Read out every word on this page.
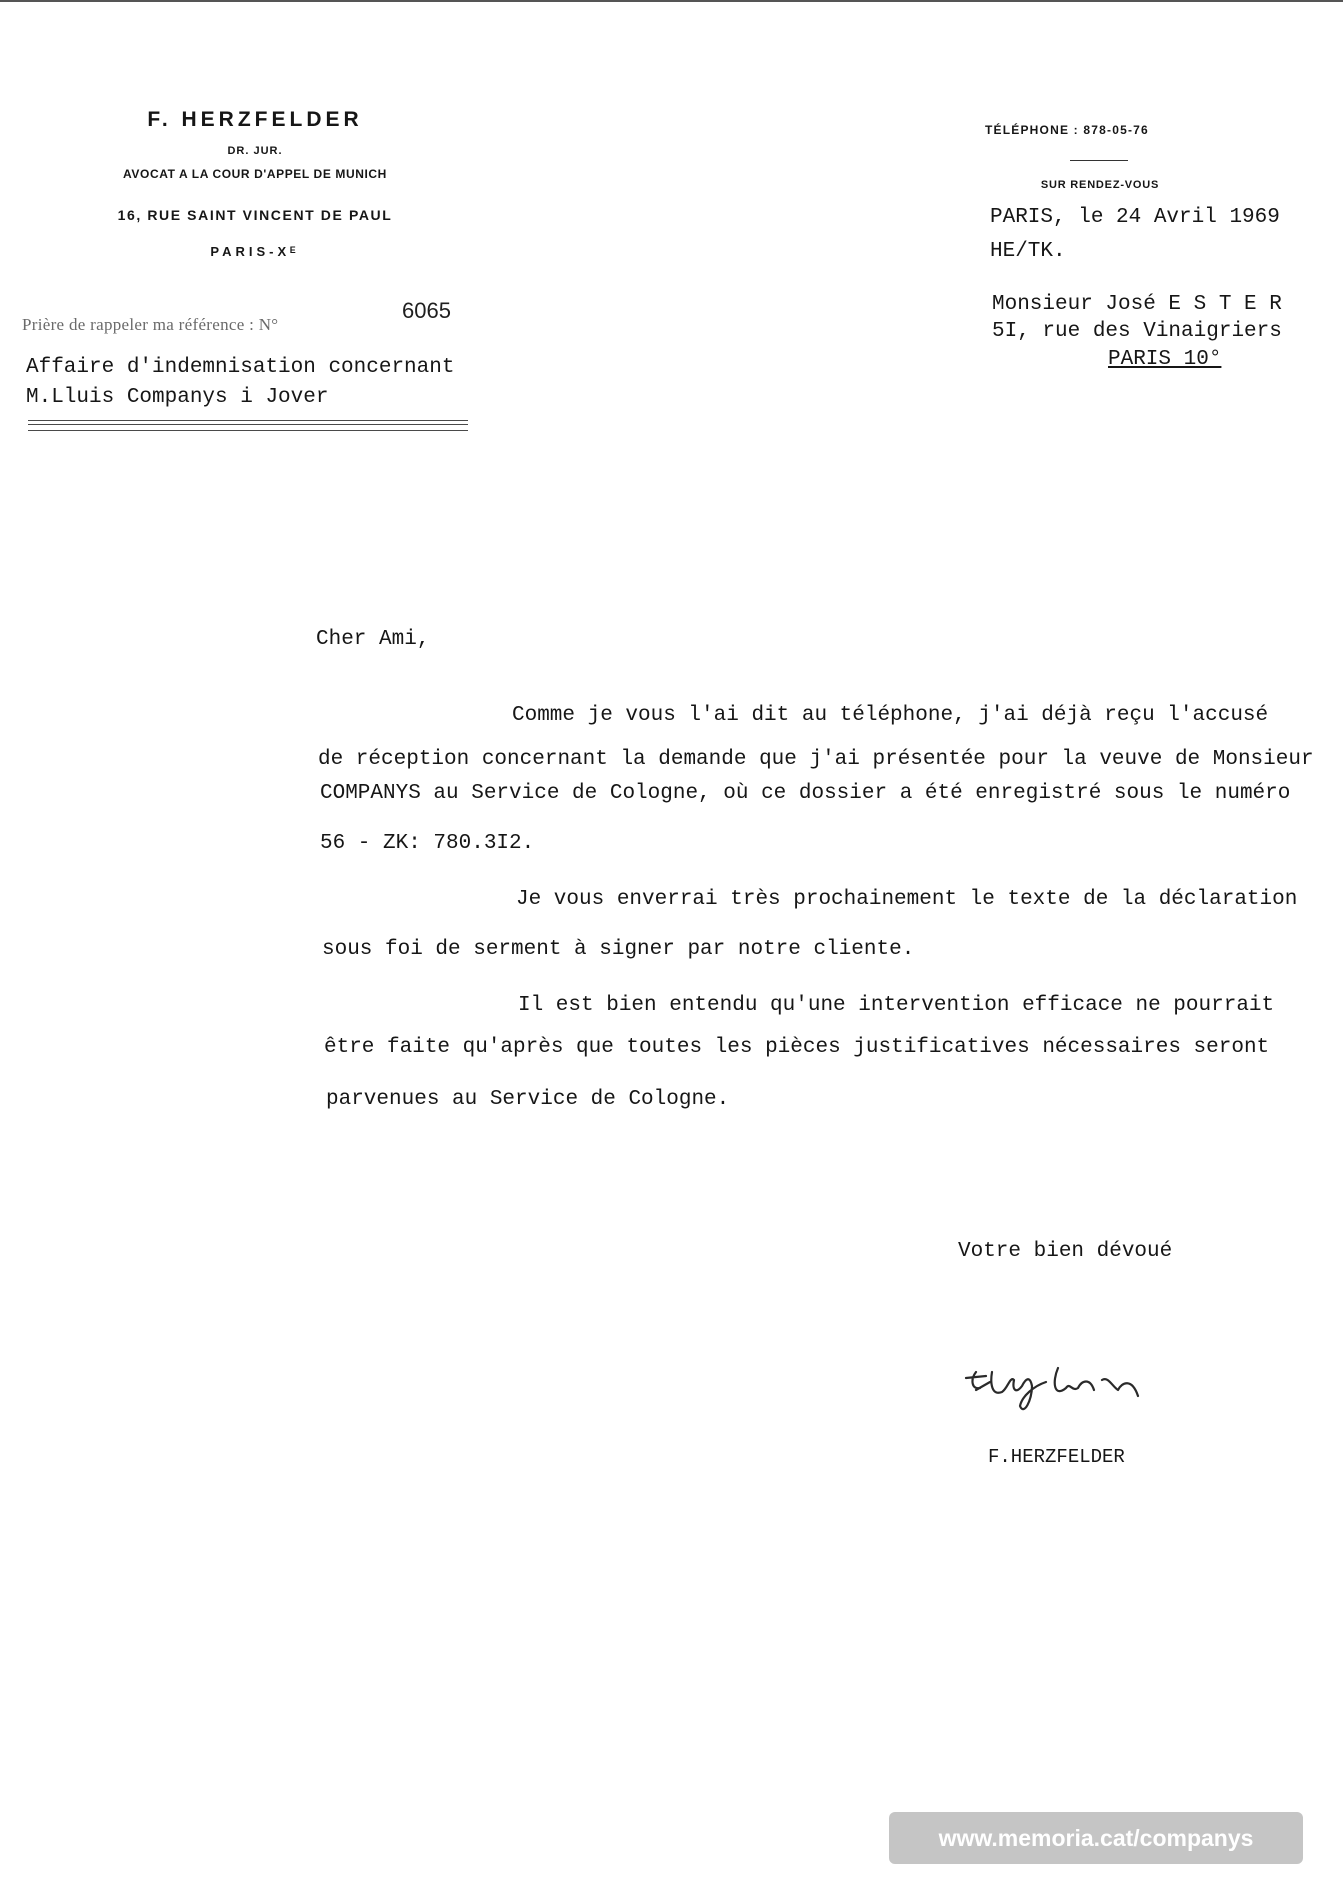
F. HERZFELDER
DR. JUR.
AVOCAT A LA COUR D'APPEL DE MUNICH
16, RUE SAINT VINCENT DE PAUL
PARIS-Xᴱ
TÉLÉPHONE : 878-05-76
SUR RENDEZ-VOUS
Prière de rappeler ma référence : N°
6065
Affaire d'indemnisation concernant
M.Lluis Companys i Jover
PARIS, le 24 Avril 1969
HE/TK.
Monsieur José E S T E R
5I, rue des Vinaigriers
PARIS 10°
Cher Ami,
Comme je vous l'ai dit au téléphone, j'ai déjà reçu l'accusé
de réception concernant la demande que j'ai présentée pour la veuve de Monsieur
COMPANYS au Service de Cologne, où ce dossier a été enregistré sous le numéro
56 - ZK: 780.3I2.
Je vous enverrai très prochainement le texte de la déclaration
sous foi de serment à signer par notre cliente.
Il est bien entendu qu'une intervention efficace ne pourrait
être faite qu'après que toutes les pièces justificatives nécessaires seront
parvenues au Service de Cologne.
Votre bien dévoué
F.HERZFELDER
www.memoria.cat/companys
